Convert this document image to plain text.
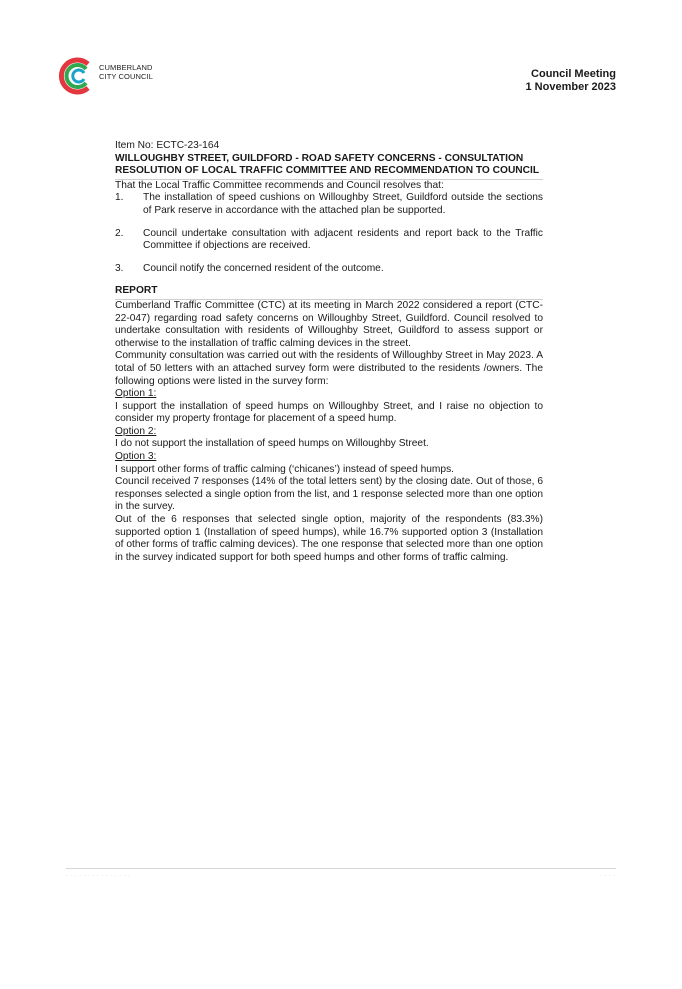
CUMBERLAND
CITY COUNCIL	Council Meeting
1 November 2023

Item No: ECTC-23-164

WILLOUGHBY STREET, GUILDFORD - ROAD SAFETY CONCERNS - CONSULTATION

RESOLUTION OF LOCAL TRAFFIC COMMITTEE AND RECOMMENDATION TO COUNCIL

That the Local Traffic Committee recommends and Council resolves that:

1.	The installation of speed cushions on Willoughby Street, Guildford outside the sections of Park reserve in accordance with the attached plan be supported.
2.	Council undertake consultation with adjacent residents and report back to the Traffic Committee if objections are received.
3.	Council notify the concerned resident of the outcome.

REPORT

Cumberland Traffic Committee (CTC) at its meeting in March 2022 considered a report (CTC-22-047) regarding road safety concerns on Willoughby Street, Guildford. Council resolved to undertake consultation with residents of Willoughby Street, Guildford to assess support or otherwise to the installation of traffic calming devices in the street.

Community consultation was carried out with the residents of Willoughby Street in May 2023. A total of 50 letters with an attached survey form were distributed to the residents /owners. The following options were listed in the survey form:

Option 1:

I support the installation of speed humps on Willoughby Street, and I raise no objection to consider my property frontage for placement of a speed hump.

Option 2:

I do not support the installation of speed humps on Willoughby Street.

Option 3:

I support other forms of traffic calming (‘chicanes’) instead of speed humps.

Council received 7 responses (14% of the total letters sent) by the closing date. Out of those, 6 responses selected a single option from the list, and 1 response selected more than one option in the survey.

Out of the 6 responses that selected single option, majority of the respondents (83.3%) supported option 1 (Installation of speed humps), while 16.7% supported option 3 (Installation of other forms of traffic calming devices). The one response that selected more than one option in the survey indicated support for both speed humps and other forms of traffic calming.

· · · · · · · · · · · · · · ·	· · · ·
